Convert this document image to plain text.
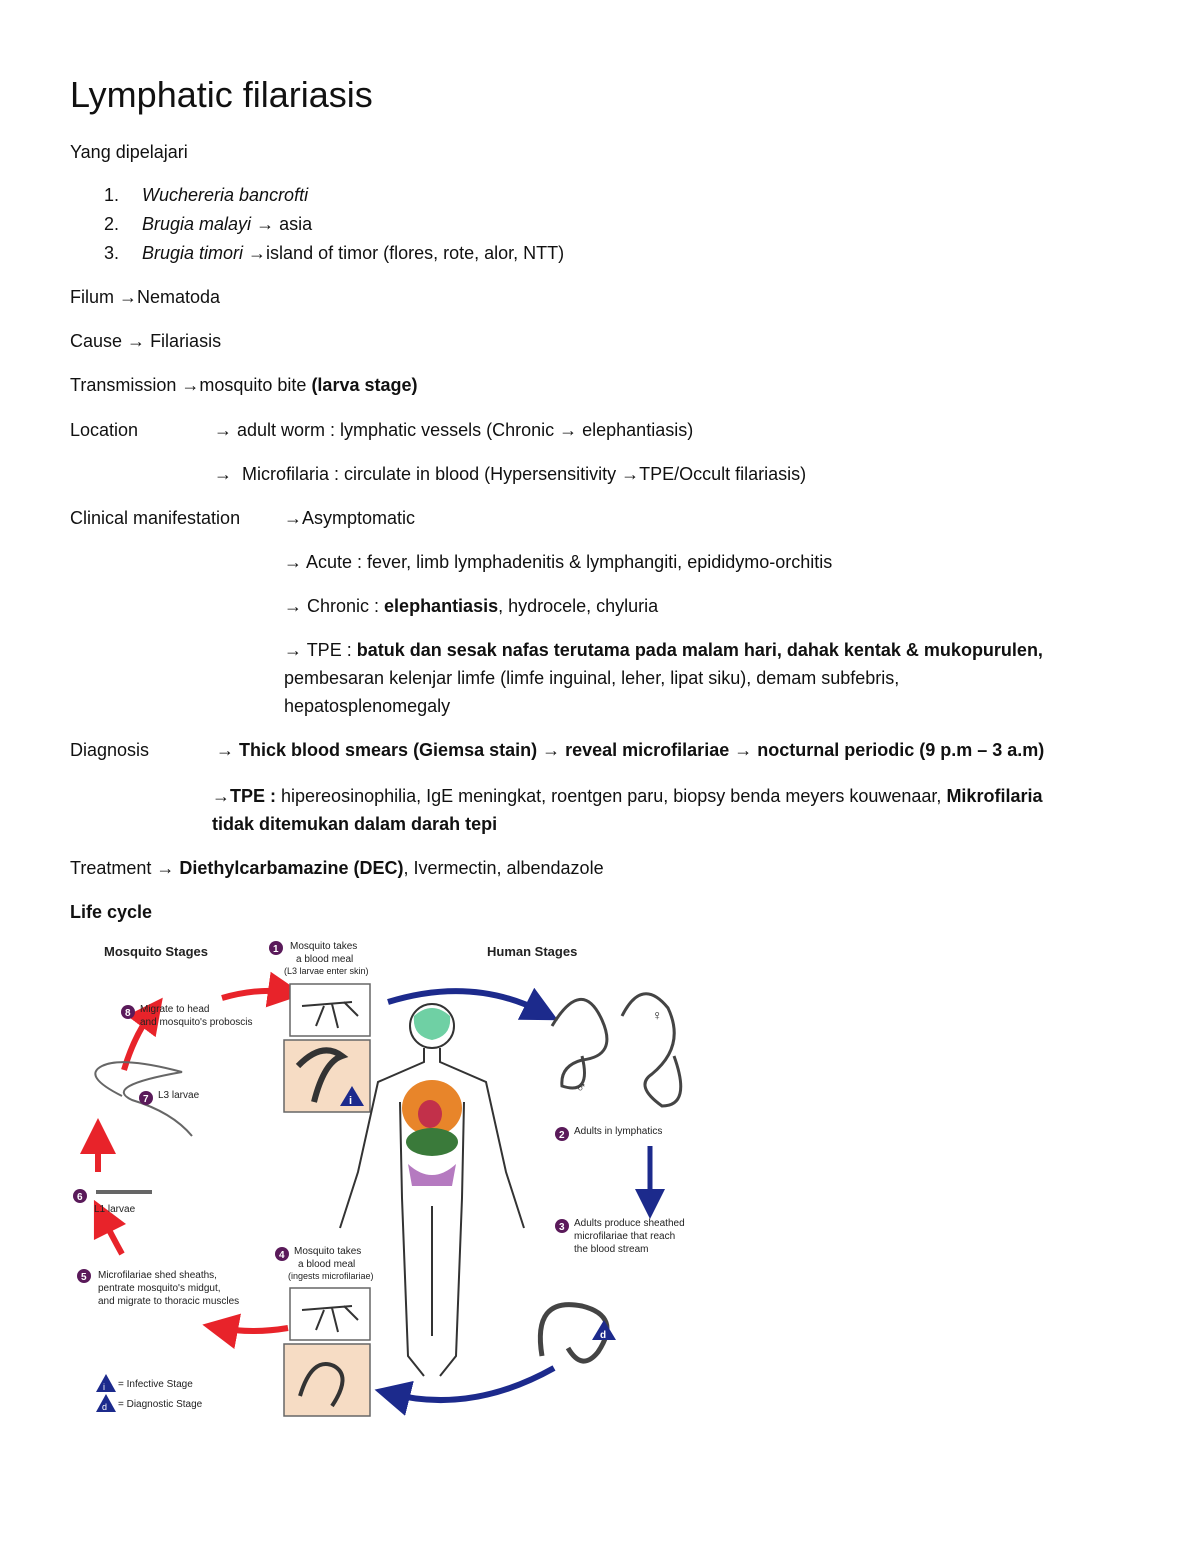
Lymphatic filariasis
Yang dipelajari
1. Wuchereria bancrofti
2. Brugia malayi → asia
3. Brugia timori →island of timor (flores, rote, alor, NTT)
Filum →Nematoda
Cause → Filariasis
Transmission →mosquito bite (larva stage)
Location	→ adult worm : lymphatic vessels (Chronic → elephantiasis)
→ Microfilaria : circulate in blood (Hypersensitivity →TPE/Occult filariasis)
Clinical manifestation →Asymptomatic
→ Acute : fever, limb lymphadenitis & lymphangiti, epididymo-orchitis
→ Chronic : elephantiasis, hydrocele, chyluria
→ TPE : batuk dan sesak nafas terutama pada malam hari, dahak kentak & mukopurulen,
pembesaran kelenjar limfe (limfe inguinal, leher, lipat siku), demam subfebris,
hepatosplenomegaly
Diagnosis	→ Thick blood smears (Giemsa stain) → reveal microfilariae → nocturnal periodic (9 p.m – 3 a.m)
→TPE : hipereosinophilia, IgE meningkat, roentgen paru, biopsy benda meyers kouwenaar, Mikrofilaria
tidak ditemukan dalam darah tepi
Treatment → Diethylcarbamazine (DEC), Ivermectin, albendazole
Life cycle
Mosquito Stages	Human Stages
i
♂
♀
d
1
2
3
4
5
6
7
8
Mosquito takes
a blood meal
(L3 larvae enter skin)
Adults in lymphatics
Adults produce sheathed
microfilariae that reach
the blood stream
Mosquito takes
a blood meal
(ingests microfilariae)
Microfilariae shed sheaths,
pentrate mosquito's midgut,
and migrate to thoracic muscles
L1 larvae
L3 larvae
Migrate to head
and mosquito's proboscis
i = Infective Stage
d = Diagnostic Stage
